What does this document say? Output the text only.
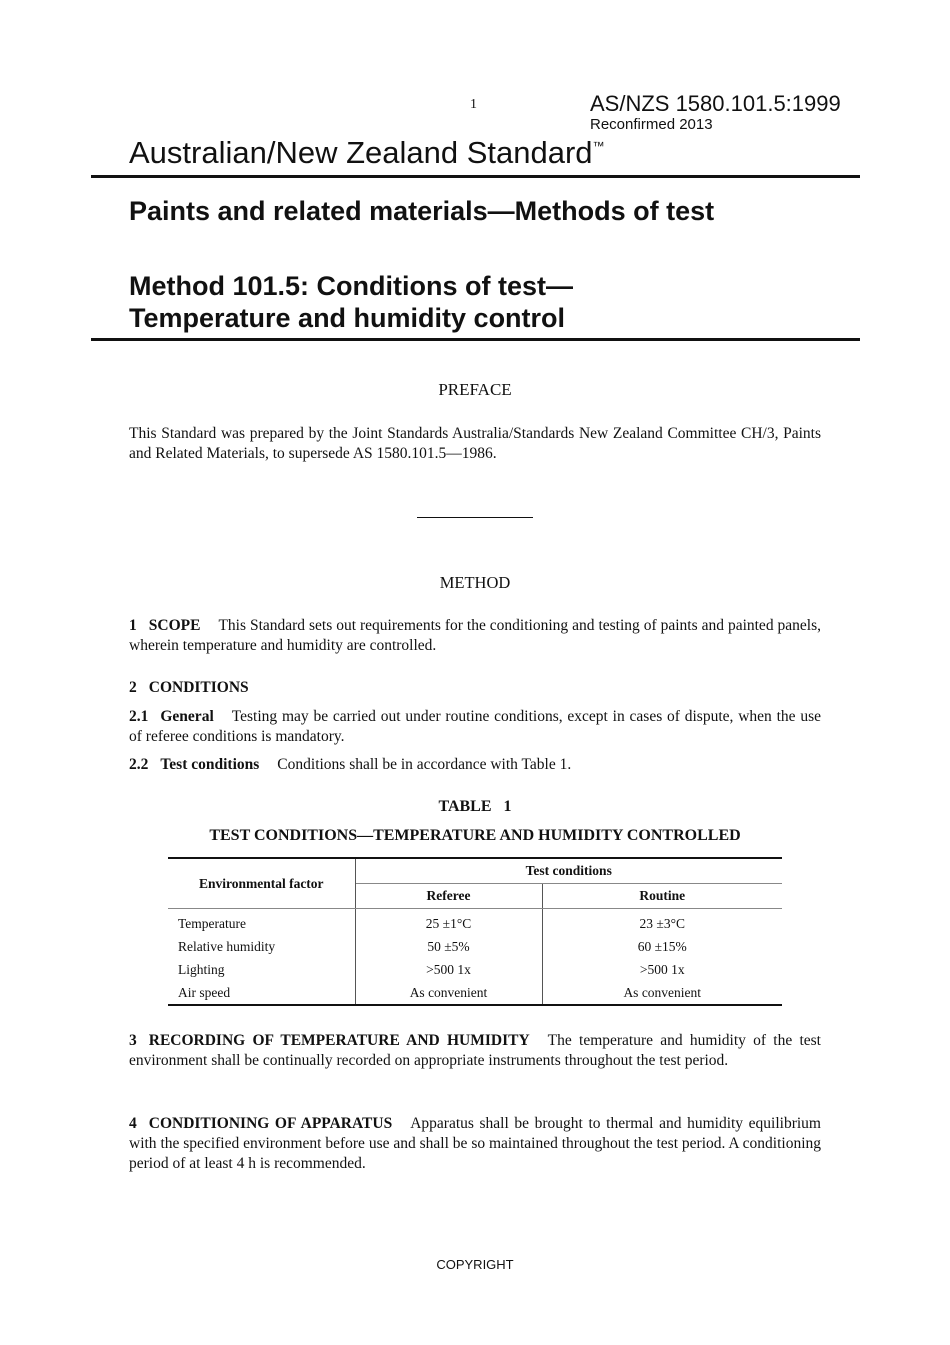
1	AS/NZS 1580.101.5:1999
Reconfirmed 2013
Australian/New Zealand Standard™
Paints and related materials—Methods of test
Method 101.5: Conditions of test—
Temperature and humidity control
PREFACE
This Standard was prepared by the Joint Standards Australia/Standards New Zealand Committee CH/3, Paints and Related Materials, to supersede AS 1580.101.5—1986.
METHOD
1 SCOPE This Standard sets out requirements for the conditioning and testing of paints and painted panels, wherein temperature and humidity are controlled.
2 CONDITIONS
2.1 General Testing may be carried out under routine conditions, except in cases of dispute, when the use of referee conditions is mandatory.
2.2 Test conditions Conditions shall be in accordance with Table 1.
TABLE   1
TEST CONDITIONS—TEMPERATURE AND HUMIDITY CONTROLLED
Environmental factor	Test conditions	
	Referee	Routine
Temperature	25 ±1°C	23 ±3°C
Relative humidity	50 ±5%	60 ±15%
Lighting	>500 1x	>500 1x
Air speed	As convenient	As convenient
3 RECORDING OF TEMPERATURE AND HUMIDITY The temperature and humidity of the test environment shall be continually recorded on appropriate instruments throughout the test period.
4 CONDITIONING OF APPARATUS Apparatus shall be brought to thermal and humidity equilibrium with the specified environment before use and shall be so maintained throughout the test period. A conditioning period of at least 4 h is recommended.
COPYRIGHT
